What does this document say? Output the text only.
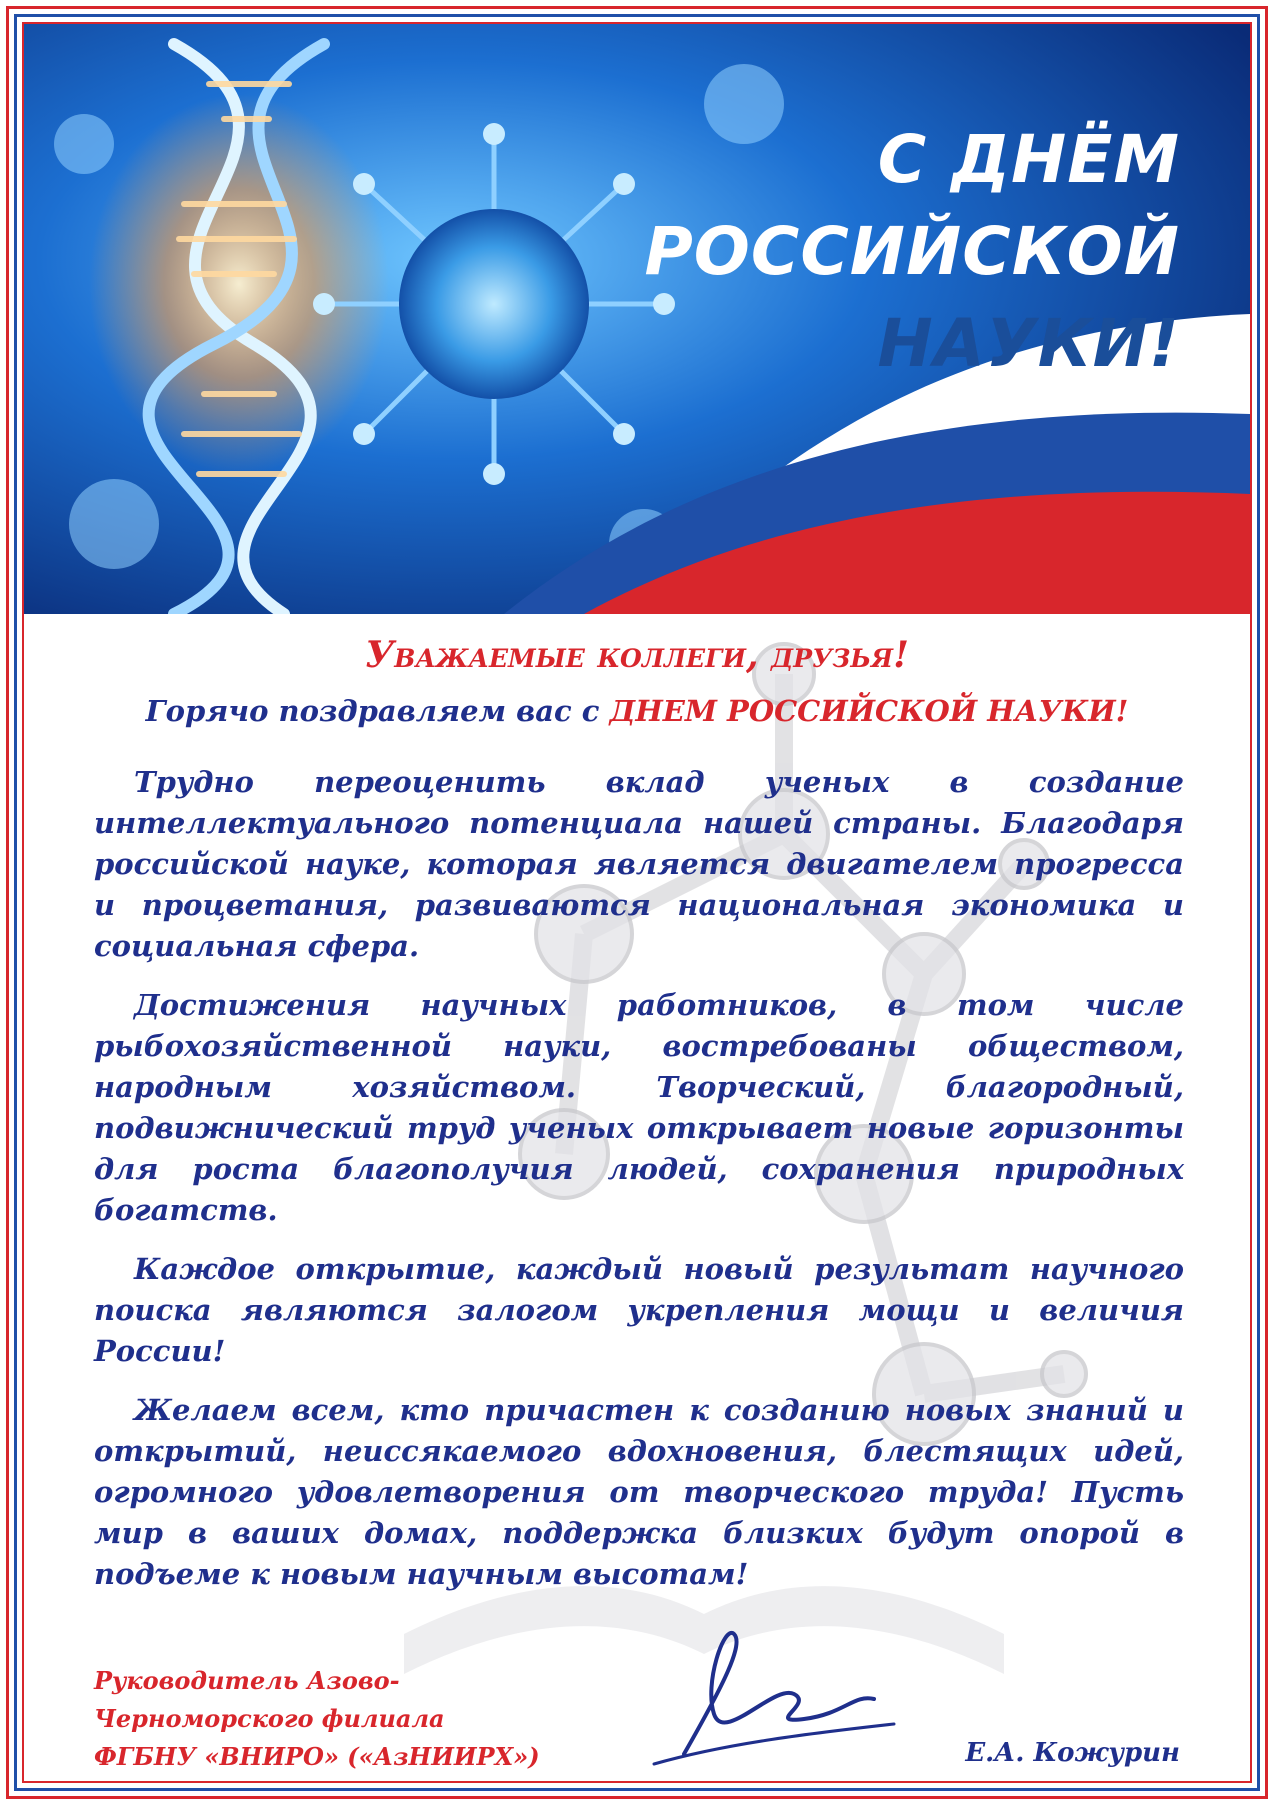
С ДНЁМ
РОССИЙСКОЙ
НАУКИ!
Уважаемые коллеги, друзья!
Горячо поздравляем вас с ДНЕМ РОССИЙСКОЙ НАУКИ!

Трудно переоценить вклад ученых в создание интеллектуального потенциала нашей страны. Благодаря российской науке, которая является двигателем прогресса и процветания, развиваются национальная экономика и социальная сфера.

Достижения научных работников, в том числе рыбохозяйственной науки, востребованы обществом, народным хозяйством. Творческий, благородный, подвижнический труд ученых открывает новые горизонты для роста благополучия людей, сохранения природных богатств.

Каждое открытие, каждый новый результат научного поиска являются залогом укрепления мощи и величия России!

Желаем всем, кто причастен к созданию новых знаний и открытий, неиссякаемого вдохновения, блестящих идей, огромного удовлетворения от творческого труда! Пусть мир в ваших домах, поддержка близких будут опорой в подъеме к новым научным высотам!

Руководитель Азово-
Черноморского филиала
ФГБНУ «ВНИРО» («АзНИИРХ»)	Е.А. Кожурин
